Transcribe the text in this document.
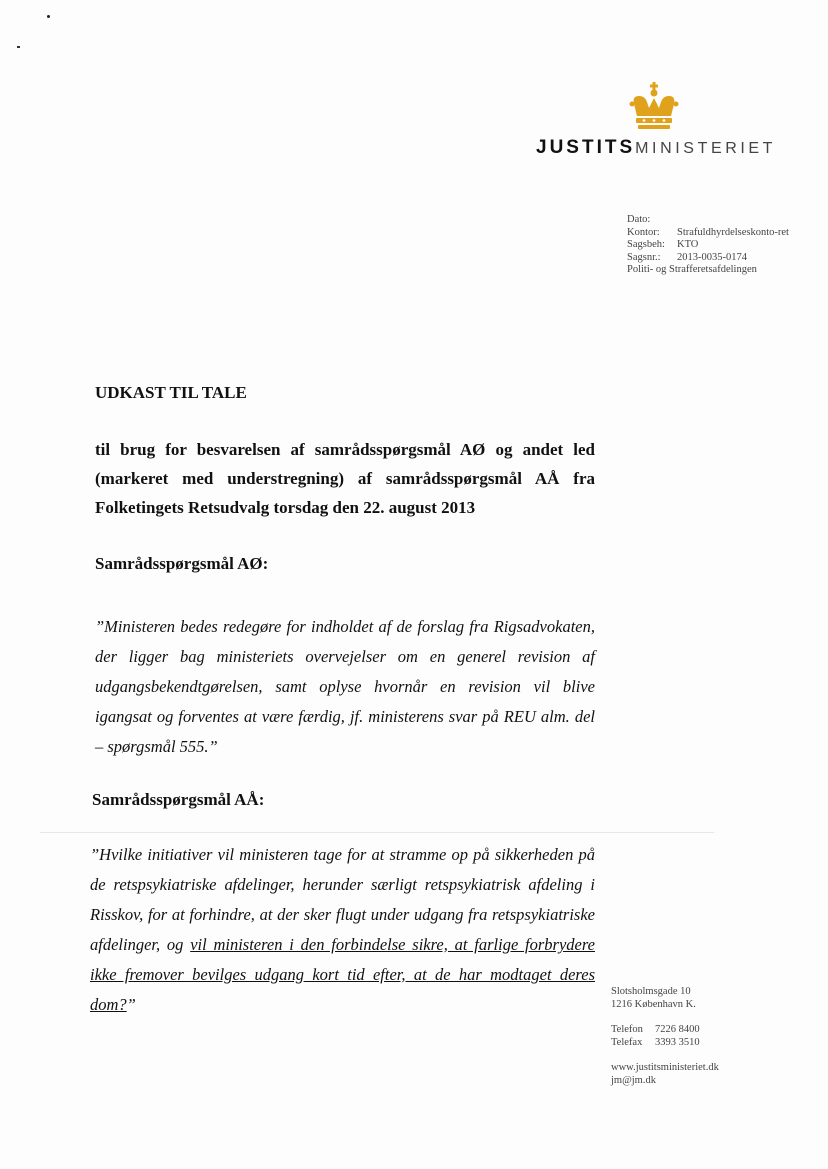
JUSTITSMINISTERIET
Dato:
Kontor:	Strafuldhyrdelseskonto-ret
Sagsbeh:	KTO
Sagsnr.:	2013-0035-0174
Politi- og Strafferetsafdelingen
UDKAST TIL TALE
til brug for besvarelsen af samrådsspørgsmål AØ og andet led (markeret med understregning) af samrådsspørgsmål AÅ fra Folketingets Retsudvalg torsdag den 22. august 2013
Samrådsspørgsmål AØ:
”Ministeren bedes redegøre for indholdet af de forslag fra Rigsadvokaten, der ligger bag ministeriets overvejelser om en generel revision af udgangsbekendtgørelsen, samt oplyse hvornår en revision vil blive igangsat og forventes at være færdig, jf. ministerens svar på REU alm. del – spørgsmål 555.”
Samrådsspørgsmål AÅ:
”Hvilke initiativer vil ministeren tage for at stramme op på sikkerheden på de retspsykiatriske afdelinger, herunder særligt retspsykiatrisk afdeling i Risskov, for at forhindre, at der sker flugt under udgang fra retspsykiatriske afdelinger, og vil ministeren i den forbindelse sikre, at farlige forbrydere ikke fremover bevilges udgang kort tid efter, at de har modtaget deres dom?”
Slotsholmsgade 10
1216 København K.
Telefon	7226 8400
Telefax	3393 3510
www.justitsministeriet.dk
jm@jm.dk
